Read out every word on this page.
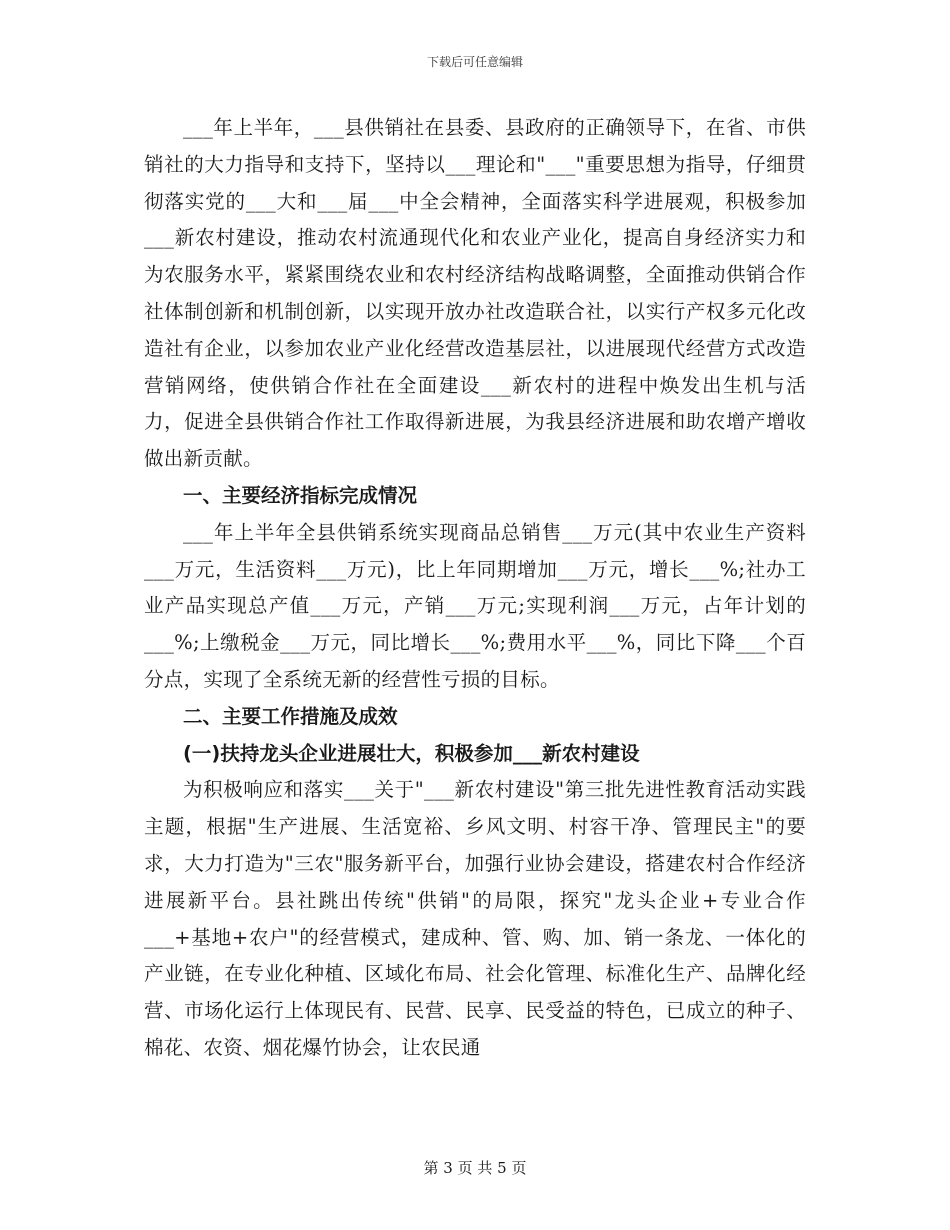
下载后可任意编辑

___年上半年，___县供销社在县委、县政府的正确领导下，在省、市供销社的大力指导和支持下，坚持以___理论和"___"重要思想为指导，仔细贯彻落实党的___大和___届___中全会精神，全面落实科学进展观，积极参加___新农村建设，推动农村流通现代化和农业产业化，提高自身经济实力和为农服务水平，紧紧围绕农业和农村经济结构战略调整，全面推动供销合作社体制创新和机制创新，以实现开放办社改造联合社，以实行产权多元化改造社有企业，以参加农业产业化经营改造基层社，以进展现代经营方式改造营销网络，使供销合作社在全面建设___新农村的进程中焕发出生机与活力，促进全县供销合作社工作取得新进展，为我县经济进展和助农增产增收做出新贡献。

一、主要经济指标完成情况

___年上半年全县供销系统实现商品总销售___万元(其中农业生产资料___万元，生活资料___万元)，比上年同期增加___万元，增长___%;社办工业产品实现总产值___万元，产销___万元;实现利润___万元，占年计划的___%;上缴税金___万元，同比增长___%;费用水平___%，同比下降___个百分点，实现了全系统无新的经营性亏损的目标。

二、主要工作措施及成效

(一)扶持龙头企业进展壮大，积极参加___新农村建设

为积极响应和落实___关于"___新农村建设"第三批先进性教育活动实践主题，根据"生产进展、生活宽裕、乡风文明、村容干净、管理民主"的要求，大力打造为"三农"服务新平台，加强行业协会建设，搭建农村合作经济进展新平台。县社跳出传统"供销"的局限，探究"龙头企业+专业合作___+基地+农户"的经营模式，建成种、管、购、加、销一条龙、一体化的产业链，在专业化种植、区域化布局、社会化管理、标准化生产、品牌化经营、市场化运行上体现民有、民营、民享、民受益的特色，已成立的种子、棉花、农资、烟花爆竹协会，让农民通

第 3 页 共 5 页
